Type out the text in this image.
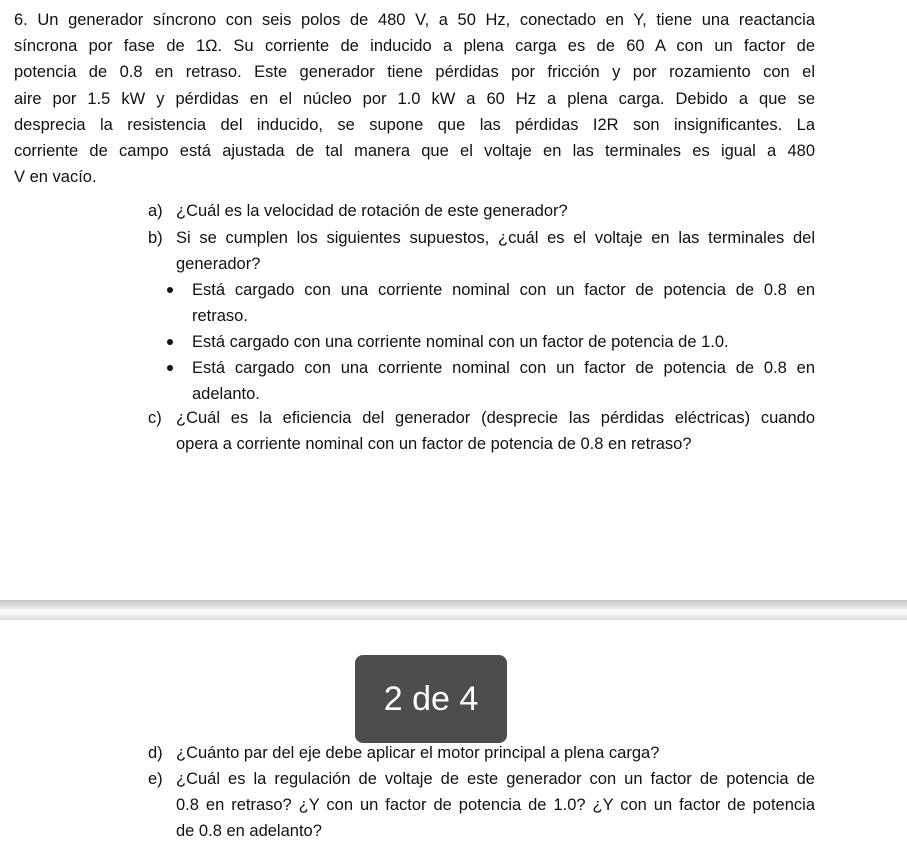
6. Un generador síncrono con seis polos de 480 V, a 50 Hz, conectado en Y, tiene una reactancia
síncrona por fase de 1Ω. Su corriente de inducido a plena carga es de 60 A con un factor de
potencia de 0.8 en retraso. Este generador tiene pérdidas por fricción y por rozamiento con el
aire por 1.5 kW y pérdidas en el núcleo por 1.0 kW a 60 Hz a plena carga. Debido a que se
desprecia la resistencia del inducido, se supone que las pérdidas I2R son insignificantes. La
corriente de campo está ajustada de tal manera que el voltaje en las terminales es igual a 480
V en vacío.
a) ¿Cuál es la velocidad de rotación de este generador?
b) Si se cumplen los siguientes supuestos, ¿cuál es el voltaje en las terminales del
generador?
Está cargado con una corriente nominal con un factor de potencia de 0.8 en
retraso.
Está cargado con una corriente nominal con un factor de potencia de 1.0.
Está cargado con una corriente nominal con un factor de potencia de 0.8 en
adelanto.
c) ¿Cuál es la eficiencia del generador (desprecie las pérdidas eléctricas) cuando
opera a corriente nominal con un factor de potencia de 0.8 en retraso?
d) ¿Cuánto par del eje debe aplicar el motor principal a plena carga?
e) ¿Cuál es la regulación de voltaje de este generador con un factor de potencia de
0.8 en retraso? ¿Y con un factor de potencia de 1.0? ¿Y con un factor de potencia
de 0.8 en adelanto?
2 de 4
